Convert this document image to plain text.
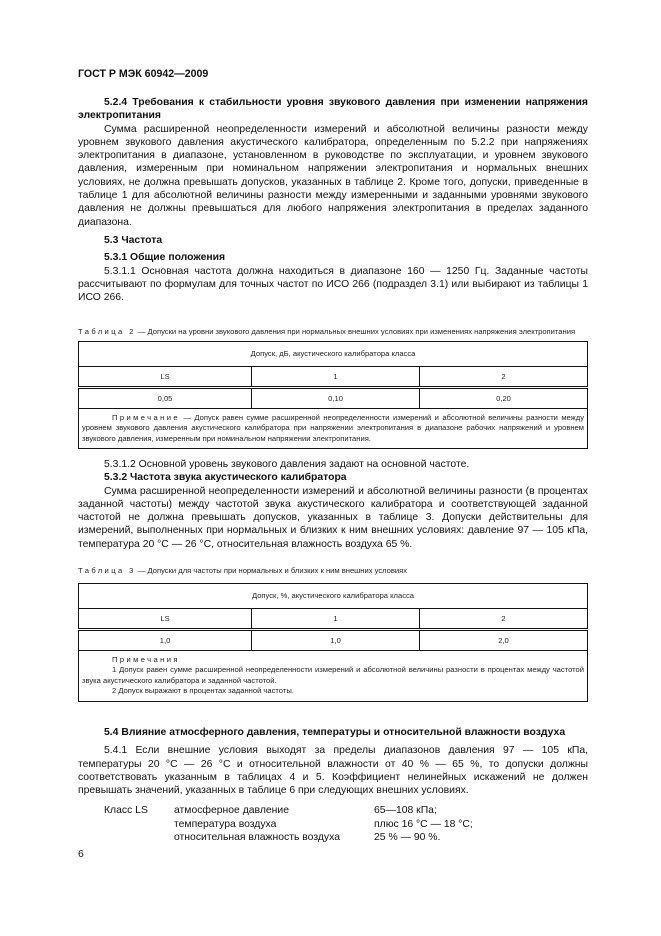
ГОСТ Р МЭК 60942—2009

5.2.4 Требования к стабильности уровня звукового давления при изменении напряжения электропитания

Сумма расширенной неопределенности измерений и абсолютной величины разности между уровнем звукового давления акустического калибратора, определенным по 5.2.2 при напряжениях электропитания в диапазоне, установленном в руководстве по эксплуатации, и уровнем звукового давления, измеренным при номинальном напряжении электропитания и нормальных внешних условиях, не должна превышать допусков, указанных в таблице 2. Кроме того, допуски, приведенные в таблице 1 для абсолютной величины разности между измеренными и заданными уровнями звукового давления не должны превышаться для любого напряжения электропитания в пределах заданного диапазона.

5.3 Частота

5.3.1 Общие положения

5.3.1.1 Основная частота должна находиться в диапазоне 160 — 1250 Гц. Заданные частоты рассчитывают по формулам для точных частот по ИСО 266 (подраздел 3.1) или выбирают из таблицы 1 ИСО 266.

Таблица 2 — Допуски на уровни звукового давления при нормальных внешних условиях при изменениях напряжения электропитания

Допуск, дБ, акустического калибратора класса
LS	1	2
0,05	0,10	0,20

Примечание — Допуск равен сумме расширенной неопределенности измерений и абсолютной величины разности между уровнем звукового давления акустического калибратора при напряжении электропитания в диапазоне рабочих напряжений и уровнем звукового давления, измеренным при номинальном напряжении электропитания.

5.3.1.2 Основной уровень звукового давления задают на основной частоте.

5.3.2 Частота звука акустического калибратора

Сумма расширенной неопределенности измерений и абсолютной величины разности (в процентах заданной частоты) между частотой звука акустического калибратора и соответствующей заданной частотой не должна превышать допусков, указанных в таблице 3. Допуски действительны для измерений, выполненных при нормальных и близких к ним внешних условиях: давление 97 — 105 кПа, температура 20 °С — 26 °С, относительная влажность воздуха 65 %.

Таблица 3 — Допуски для частоты при нормальных и близких к ним внешних условиях

Допуск, %, акустического калибратора класса
LS	1	2
1,0	1,0	2,0

Примечания
1 Допуск равен сумме расширенной неопределенности измерений и абсолютной величины разности в процентах между частотой звука акустического калибратора и заданной частотой.
2 Допуск выражают в процентах заданной частоты.

5.4 Влияние атмосферного давления, температуры и относительной влажности воздуха

5.4.1 Если внешние условия выходят за пределы диапазонов давления 97 — 105 кПа, температуры 20 °С — 26 °С и относительной влажности от 40 % — 65 %, то допуски должны соответствовать указанным в таблицах 4 и 5. Коэффициент нелинейных искажений не должен превышать значений, указанных в таблице 6 при следующих внешних условиях.

Класс LS	атмосферное давление	65—108 кПа;
температура воздуха	плюс 16 °С — 18 °С;
относительная влажность воздуха	25 % — 90 %.

6
